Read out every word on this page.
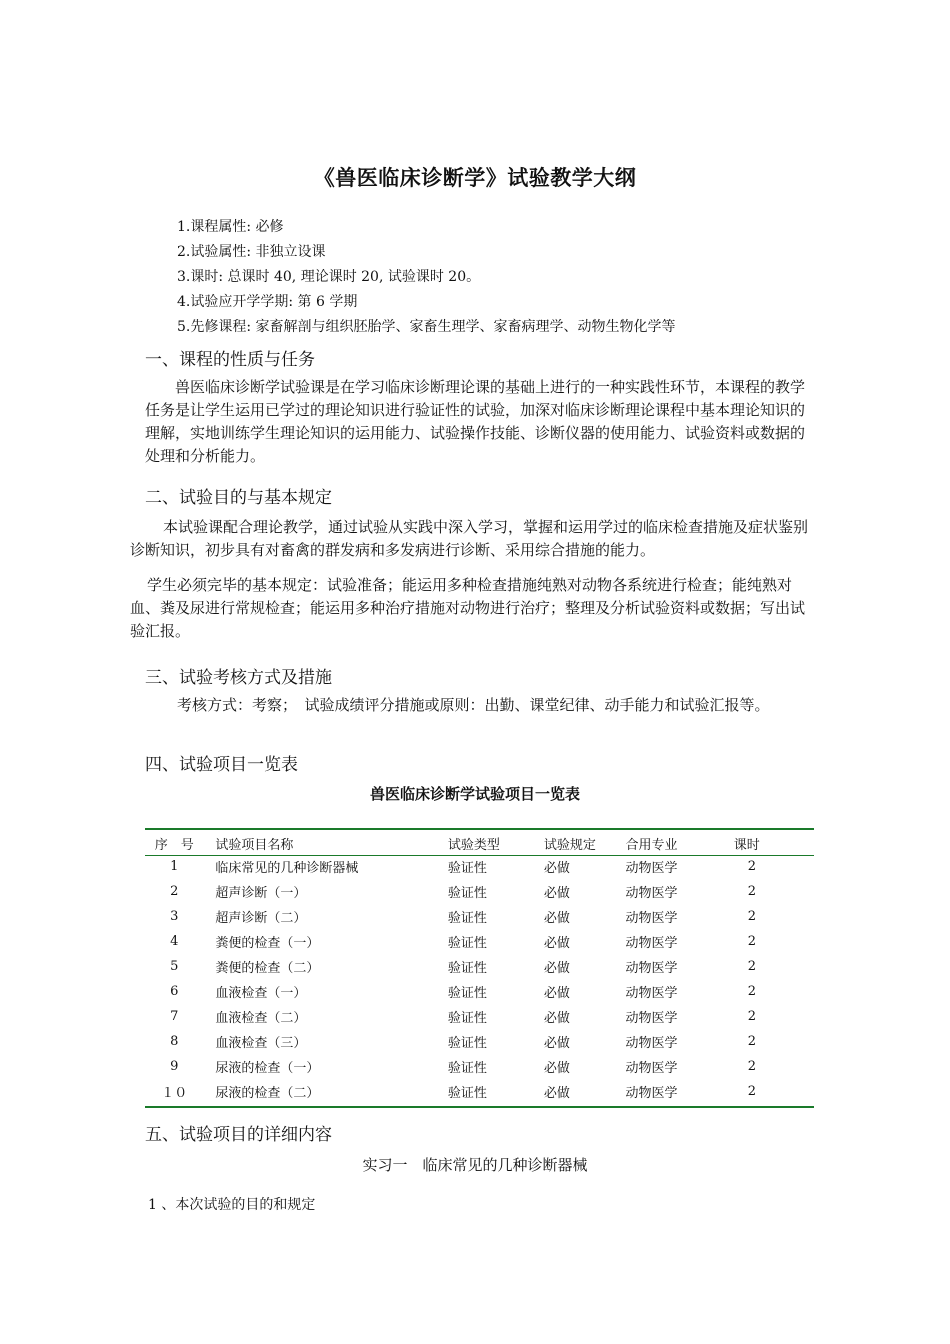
《兽医临床诊断学》试验教学大纲
1.课程属性: 必修
2.试验属性: 非独立设课
3.课时: 总课时 40, 理论课时 20, 试验课时 20。
4.试验应开学学期: 第 6 学期
5.先修课程: 家畜解剖与组织胚胎学、家畜生理学、家畜病理学、动物生物化学等
一、课程的性质与任务
兽医临床诊断学试验课是在学习临床诊断理论课的基础上进行的一种实践性环节，本课程的教学任务是让学生运用已学过的理论知识进行验证性的试验，加深对临床诊断理论课程中基本理论知识的理解，实地训练学生理论知识的运用能力、试验操作技能、诊断仪器的使用能力、试验资料或数据的处理和分析能力。
二、试验目的与基本规定
本试验课配合理论教学，通过试验从实践中深入学习，掌握和运用学过的临床检查措施及症状鉴别诊断知识，初步具有对畜禽的群发病和多发病进行诊断、采用综合措施的能力。
学生必须完毕的基本规定：试验准备；能运用多种检查措施纯熟对动物各系统进行检查；能纯熟对血、粪及尿进行常规检查；能运用多种治疗措施对动物进行治疗；整理及分析试验资料或数据；写出试验汇报。
三、试验考核方式及措施
考核方式：考察；　试验成绩评分措施或原则：出勤、课堂纪律、动手能力和试验汇报等。
四、试验项目一览表
兽医临床诊断学试验项目一览表
序　号	试验项目名称	试验类型	试验规定	合用专业	课时
1	临床常见的几种诊断器械	验证性	必做	动物医学	2
2	超声诊断（一）	验证性	必做	动物医学	2
3	超声诊断（二）	验证性	必做	动物医学	2
4	粪便的检查（一）	验证性	必做	动物医学	2
5	粪便的检查（二）	验证性	必做	动物医学	2
6	血液检查（一）	验证性	必做	动物医学	2
7	血液检查（二）	验证性	必做	动物医学	2
8	血液检查（三）	验证性	必做	动物医学	2
9	尿液的检查（一）	验证性	必做	动物医学	2
１０	尿液的检查（二）	验证性	必做	动物医学	2
五、试验项目的详细内容
实习一　临床常见的几种诊断器械
1 、本次试验的目的和规定
